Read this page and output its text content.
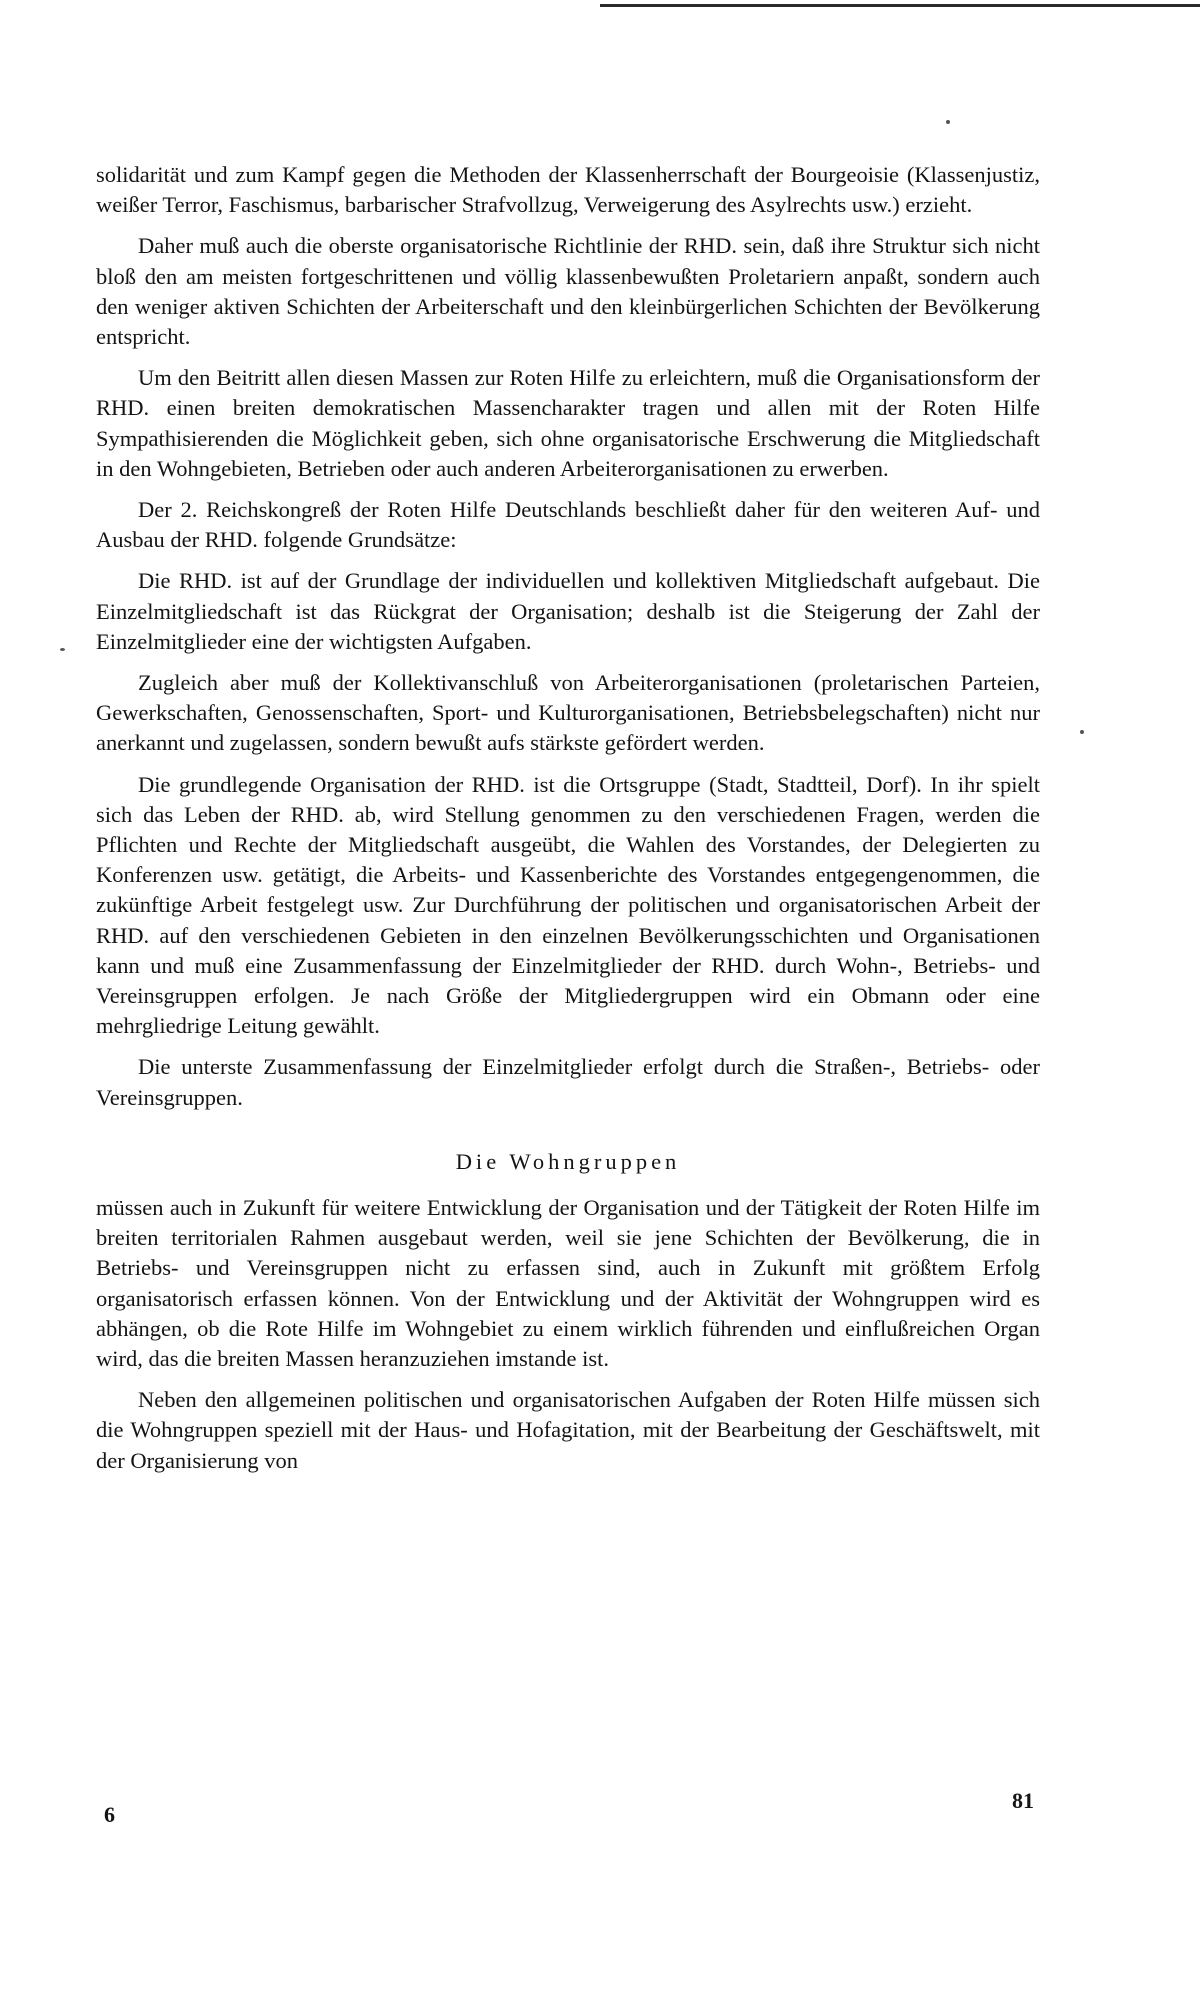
solidarität und zum Kampf gegen die Methoden der Klassenherrschaft der Bourgeoisie (Klassenjustiz, weißer Terror, Faschismus, barbarischer Strafvollzug, Verweigerung des Asylrechts usw.) erzieht.

Daher muß auch die oberste organisatorische Richtlinie der RHD. sein, daß ihre Struktur sich nicht bloß den am meisten fortgeschrittenen und völlig klassenbewußten Proletariern anpaßt, sondern auch den weniger aktiven Schichten der Arbeiterschaft und den kleinbürgerlichen Schichten der Bevölkerung entspricht.

Um den Beitritt allen diesen Massen zur Roten Hilfe zu erleichtern, muß die Organisationsform der RHD. einen breiten demokratischen Massencharakter tragen und allen mit der Roten Hilfe Sympathisierenden die Möglichkeit geben, sich ohne organisatorische Erschwerung die Mitgliedschaft in den Wohngebieten, Betrieben oder auch anderen Arbeiterorganisationen zu erwerben.

Der 2. Reichskongreß der Roten Hilfe Deutschlands beschließt daher für den weiteren Auf- und Ausbau der RHD. folgende Grundsätze:

Die RHD. ist auf der Grundlage der individuellen und kollektiven Mitgliedschaft aufgebaut. Die Einzelmitgliedschaft ist das Rückgrat der Organisation; deshalb ist die Steigerung der Zahl der Einzelmitglieder eine der wichtigsten Aufgaben.

Zugleich aber muß der Kollektivanschluß von Arbeiterorganisationen (proletarischen Parteien, Gewerkschaften, Genossenschaften, Sport- und Kulturorganisationen, Betriebsbelegschaften) nicht nur anerkannt und zugelassen, sondern bewußt aufs stärkste gefördert werden.

Die grundlegende Organisation der RHD. ist die Ortsgruppe (Stadt, Stadtteil, Dorf). In ihr spielt sich das Leben der RHD. ab, wird Stellung genommen zu den verschiedenen Fragen, werden die Pflichten und Rechte der Mitgliedschaft ausgeübt, die Wahlen des Vorstandes, der Delegierten zu Konferenzen usw. getätigt, die Arbeits- und Kassenberichte des Vorstandes entgegengenommen, die zukünftige Arbeit festgelegt usw. Zur Durchführung der politischen und organisatorischen Arbeit der RHD. auf den verschiedenen Gebieten in den einzelnen Bevölkerungsschichten und Organisationen kann und muß eine Zusammenfassung der Einzelmitglieder der RHD. durch Wohn-, Betriebs- und Vereinsgruppen erfolgen. Je nach Größe der Mitgliedergruppen wird ein Obmann oder eine mehrgliedrige Leitung gewählt.

Die unterste Zusammenfassung der Einzelmitglieder erfolgt durch die Straßen-, Betriebs- oder Vereinsgruppen.

Die Wohngruppen

müssen auch in Zukunft für weitere Entwicklung der Organisation und der Tätigkeit der Roten Hilfe im breiten territorialen Rahmen ausgebaut werden, weil sie jene Schichten der Bevölkerung, die in Betriebs- und Vereinsgruppen nicht zu erfassen sind, auch in Zukunft mit größtem Erfolg organisatorisch erfassen können. Von der Entwicklung und der Aktivität der Wohngruppen wird es abhängen, ob die Rote Hilfe im Wohngebiet zu einem wirklich führenden und einflußreichen Organ wird, das die breiten Massen heranzuziehen imstande ist.

Neben den allgemeinen politischen und organisatorischen Aufgaben der Roten Hilfe müssen sich die Wohngruppen speziell mit der Haus- und Hofagitation, mit der Bearbeitung der Geschäftswelt, mit der Organisierung von

6
81
